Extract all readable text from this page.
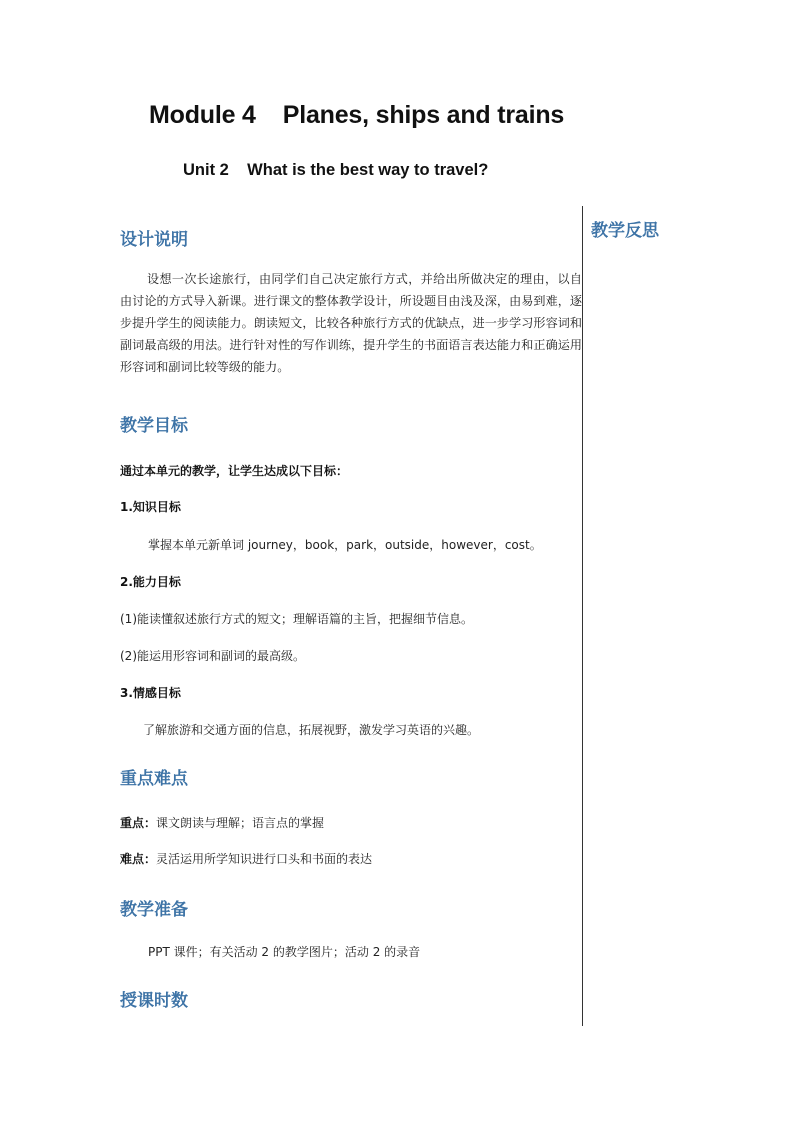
Module 4    Planes, ships and trains
Unit 2    What is the best way to travel?
教学反思
设计说明

设想一次长途旅行，由同学们自己决定旅行方式，并给出所做决定的理由，以自由讨论的方式导入新课。进行课文的整体教学设计，所设题目由浅及深，由易到难，逐步提升学生的阅读能力。朗读短文，比较各种旅行方式的优缺点，进一步学习形容词和副词最高级的用法。进行针对性的写作训练，提升学生的书面语言表达能力和正确运用形容词和副词比较等级的能力。

教学目标
通过本单元的教学，让学生达成以下目标：
1.知识目标
掌握本单元新单词 journey，book，park，outside，however，cost。
2.能力目标
(1)能读懂叙述旅行方式的短文；理解语篇的主旨，把握细节信息。
(2)能运用形容词和副词的最高级。
3.情感目标
了解旅游和交通方面的信息，拓展视野，激发学习英语的兴趣。
重点难点
重点：课文朗读与理解；语言点的掌握
难点：灵活运用所学知识进行口头和书面的表达
教学准备
PPT 课件；有关活动 2 的教学图片；活动 2 的录音
授课时数
